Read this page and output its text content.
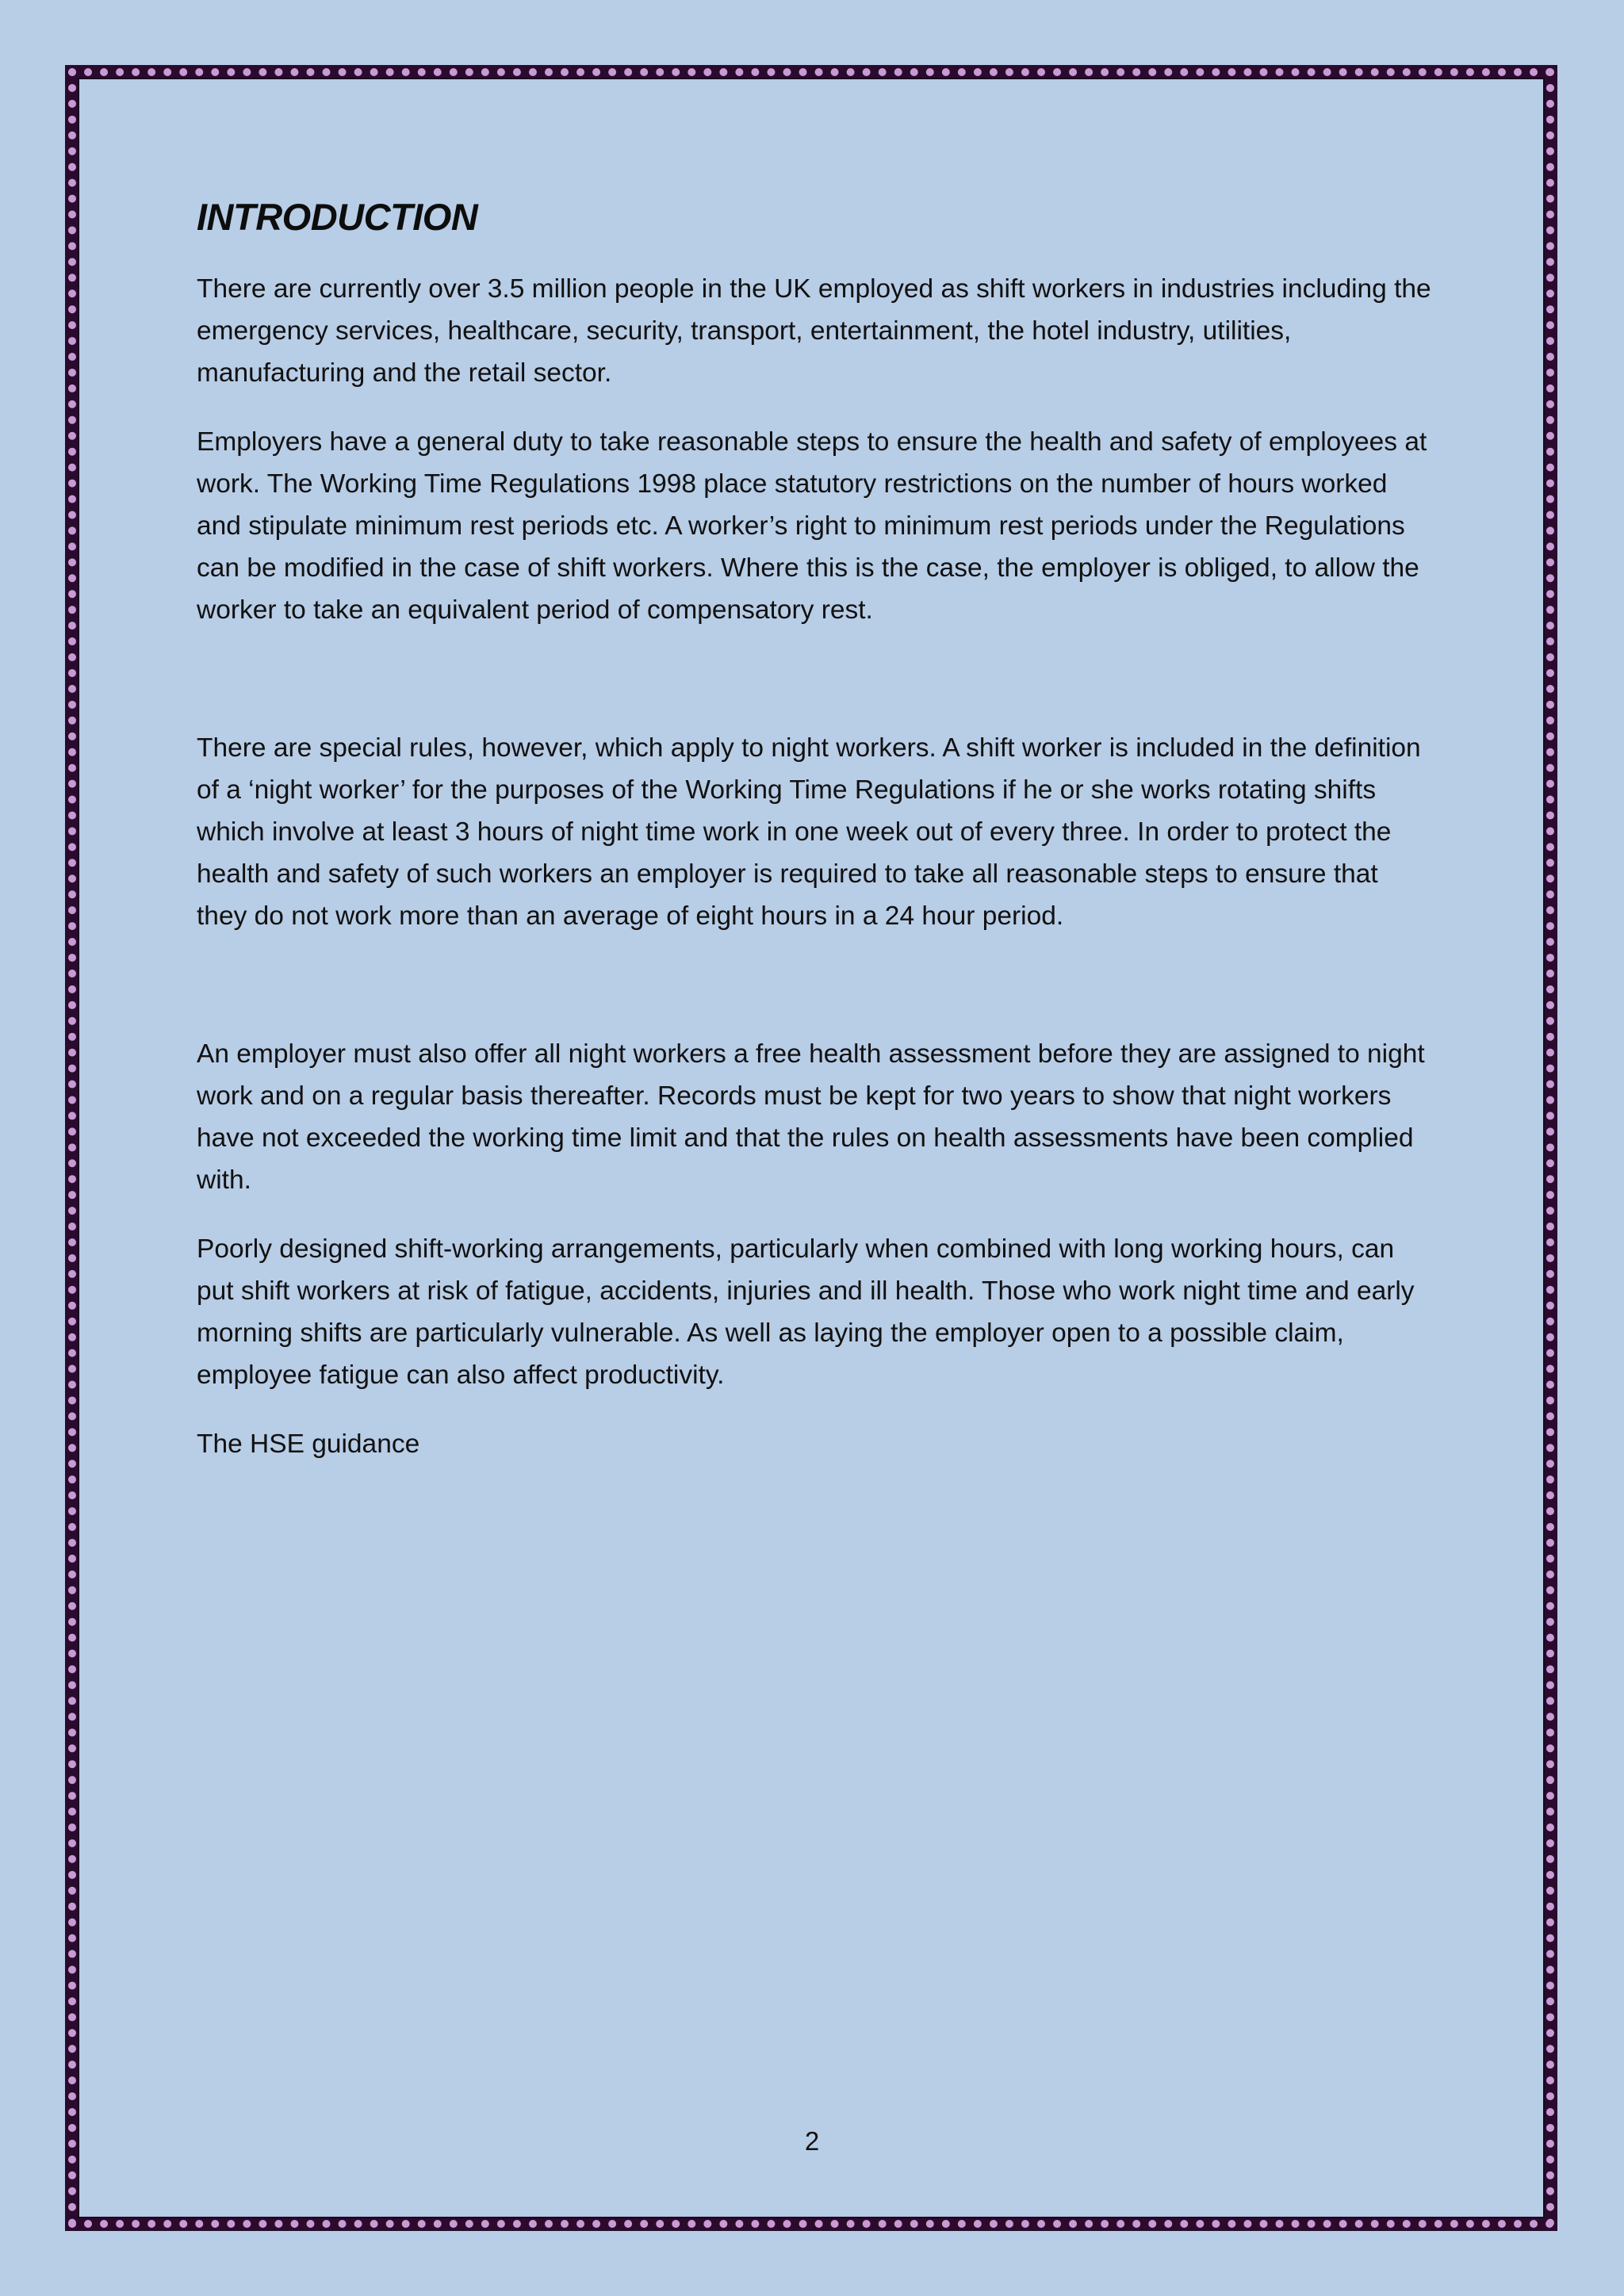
INTRODUCTION

There are currently over 3.5 million people in the UK employed as shift workers in industries including the emergency services, healthcare, security, transport, entertainment, the hotel industry, utilities, manufacturing and the retail sector.

Employers have a general duty to take reasonable steps to ensure the health and safety of employees at work. The Working Time Regulations 1998 place statutory restrictions on the number of hours worked and stipulate minimum rest periods etc. A worker’s right to minimum rest periods under the Regulations can be modified in the case of shift workers. Where this is the case, the employer is obliged, to allow the worker to take an equivalent period of compensatory rest.

There are special rules, however, which apply to night workers. A shift worker is included in the definition of a ‘night worker’ for the purposes of the Working Time Regulations if he or she works rotating shifts which involve at least 3 hours of night time work in one week out of every three. In order to protect the health and safety of such workers an employer is required to take all reasonable steps to ensure that they do not work more than an average of eight hours in a 24 hour period.

An employer must also offer all night workers a free health assessment before they are assigned to night work and on a regular basis thereafter. Records must be kept for two years to show that night workers have not exceeded the working time limit and that the rules on health assessments have been complied with.

Poorly designed shift-working arrangements, particularly when combined with long working hours, can put shift workers at risk of fatigue, accidents, injuries and ill health. Those who work night time and early morning shifts are particularly vulnerable. As well as laying the employer open to a possible claim, employee fatigue can also affect productivity.

The HSE guidance

2
